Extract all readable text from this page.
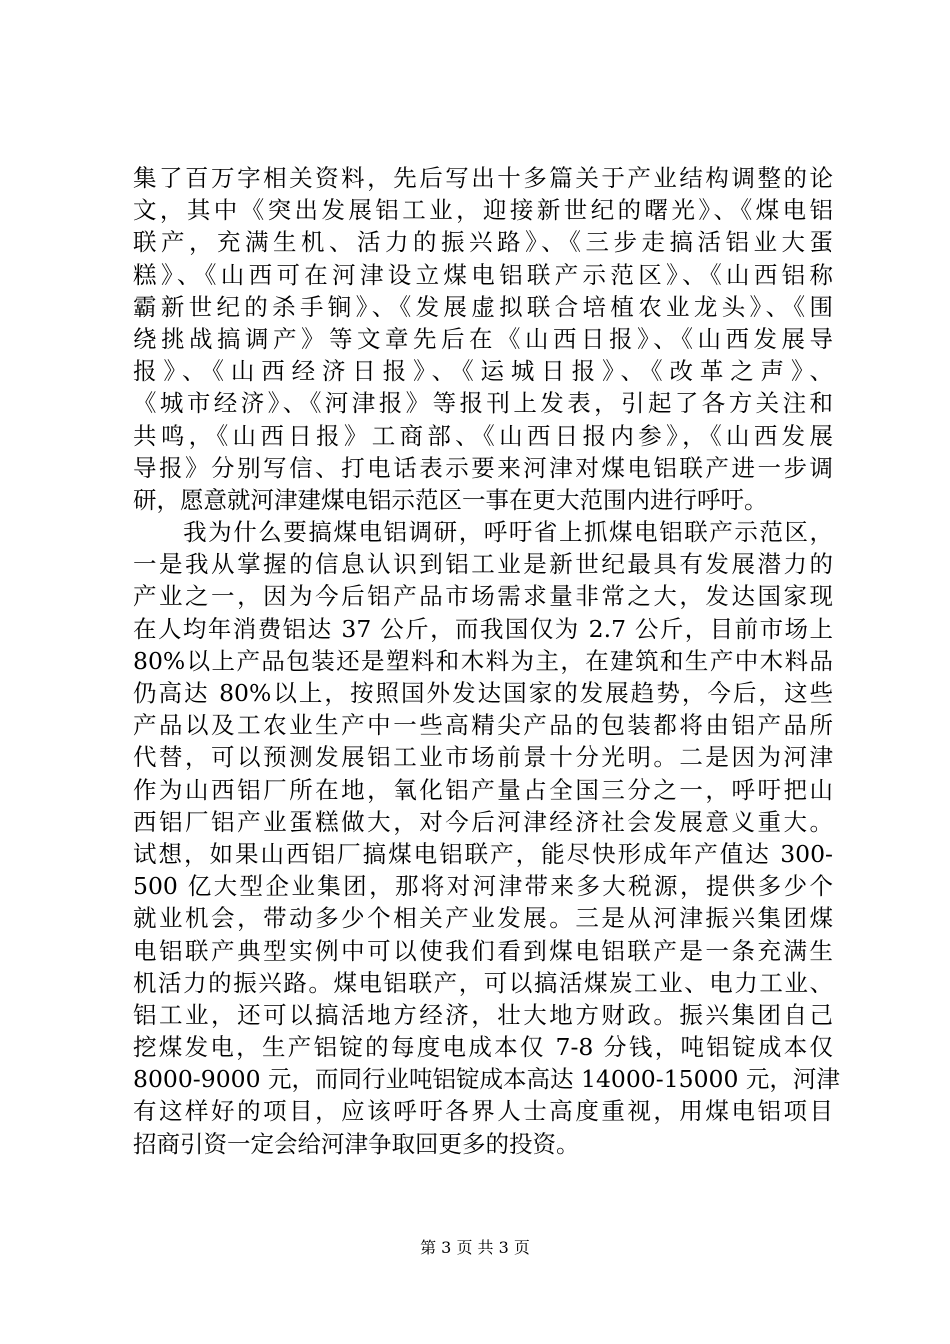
集了百万字相关资料，先后写出十多篇关于产业结构调整的论
文，其中《突出发展铝工业，迎接新世纪的曙光》、《煤电铝
联产，充满生机、活力的振兴路》、《三步走搞活铝业大蛋
糕》、《山西可在河津设立煤电铝联产示范区》、《山西铝称
霸新世纪的杀手锏》、《发展虚拟联合培植农业龙头》、《围
绕挑战搞调产》等文章先后在《山西日报》、《山西发展导
报》、《山西经济日报》、《运城日报》、《改革之声》、
《城市经济》、《河津报》等报刊上发表，引起了各方关注和
共鸣，《山西日报》工商部、《山西日报内参》，《山西发展
导报》分别写信、打电话表示要来河津对煤电铝联产进一步调
研，愿意就河津建煤电铝示范区一事在更大范围内进行呼吁。
　　我为什么要搞煤电铝调研，呼吁省上抓煤电铝联产示范区，
一是我从掌握的信息认识到铝工业是新世纪最具有发展潜力的
产业之一，因为今后铝产品市场需求量非常之大，发达国家现
在人均年消费铝达 37 公斤，而我国仅为 2.7 公斤，目前市场上
80%以上产品包装还是塑料和木料为主，在建筑和生产中木料品
仍高达 80%以上，按照国外发达国家的发展趋势，今后，这些
产品以及工农业生产中一些高精尖产品的包装都将由铝产品所
代替，可以预测发展铝工业市场前景十分光明。二是因为河津
作为山西铝厂所在地，氧化铝产量占全国三分之一，呼吁把山
西铝厂铝产业蛋糕做大，对今后河津经济社会发展意义重大。
试想，如果山西铝厂搞煤电铝联产，能尽快形成年产值达 300-
500 亿大型企业集团，那将对河津带来多大税源，提供多少个
就业机会，带动多少个相关产业发展。三是从河津振兴集团煤
电铝联产典型实例中可以使我们看到煤电铝联产是一条充满生
机活力的振兴路。煤电铝联产，可以搞活煤炭工业、电力工业、
铝工业，还可以搞活地方经济，壮大地方财政。振兴集团自己
挖煤发电，生产铝锭的每度电成本仅 7-8 分钱，吨铝锭成本仅
8000-9000 元，而同行业吨铝锭成本高达 14000-15000 元，河津
有这样好的项目，应该呼吁各界人士高度重视，用煤电铝项目
招商引资一定会给河津争取回更多的投资。
第 3 页 共 3 页
